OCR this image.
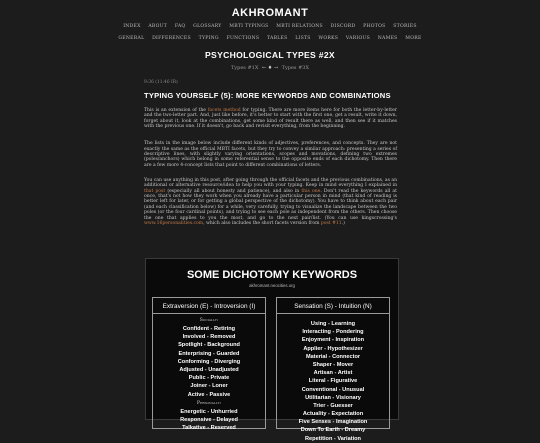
AKHROMANT
INDEX ABOUT FAQ GLOSSARY MBTI TYPINGS MBTI RELATIONS DISCORD PHOTOS STORIES
GENERAL DIFFERENCES TYPING FUNCTIONS TABLES LISTS WORKS VARIOUS NAMES MORE
PSYCHOLOGICAL TYPES #2X
Types #1X ← ♦ → Types #3X

9:36 (11:46 IR)

TYPING YOURSELF (5): MORE KEYWORDS AND COMBINATIONS

This is an extension of the facets method for typing. There are more items here for both the letter-by-letter and the two-letter part. And, just like before, it's better to start with the first one, get a result, write it down, forget about it, look at the combinations, get some kind of result there as well, and then see if it matches with the previous one. If it doesn't, go back and revisit everything, from the beginning.

The lists in the image below include different kinds of adjectives, preferences, and concepts. They are not exactly the same as the official MBTI facets, but they try to convey a similar approach: presenting a series of descriptive lines, with slightly varying orientations, scopes and movations, defining two extremes (poles/anchors) which belong in some referential sense to the opposite ends of each dichotomy. Then there are a few more 4-concept lists that point to different combinations of letters.

You can use anything in this post, after going through the official facets and the previous combinations, as an additional or alternative resource/idea to help you with your typing. Keep in mind everything I explained in that post (especially all about honesty and patience), and also in this one. Don't read the keywords all at once, that's not how they work when you already have a particular person in mind (that kind of reading is better left for later, or for getting a global perspective of the dichotomy). You have to think about each pair (and each classification below) for a while, very carefully, trying to visualize the landscape between the two poles (or the four cardinal points), and trying to see each pole as independent from the others. Then choose the one that applies to you the most, and go to the next pair/list. (You can use kingscrossing's www.16personalities.com, which also includes the short facets version from post #11.)

SOME DICHOTOMY KEYWORDS
akhromant.neocities.org
Extraversion (E) - Introversion (I)
Socially:
Confident - Retiring
Involved - Removed
Spotlight - Background
Enterprising - Guarded
Conforming - Diverging
Adjusted - Unadjusted
Public - Private
Joiner - Loner
Active - Passive
Personally:
Energetic - Unhurried
Responsive - Delayed
Talkative - Reserved
Sensation (S) - Intuition (N)
Using - Learning
Interacting - Pondering
Enjoyment - Inspiration
Applier - Hypothesizer
Material - Connector
Shaper - Mover
Artisan - Artist
Literal - Figurative
Conventional - Unusual
Utilitarian - Visionary
Trier - Guesser
Actuality - Expectation
Five Senses - Imagination
Down To Earth - Dreamy
Repetition - Variation
